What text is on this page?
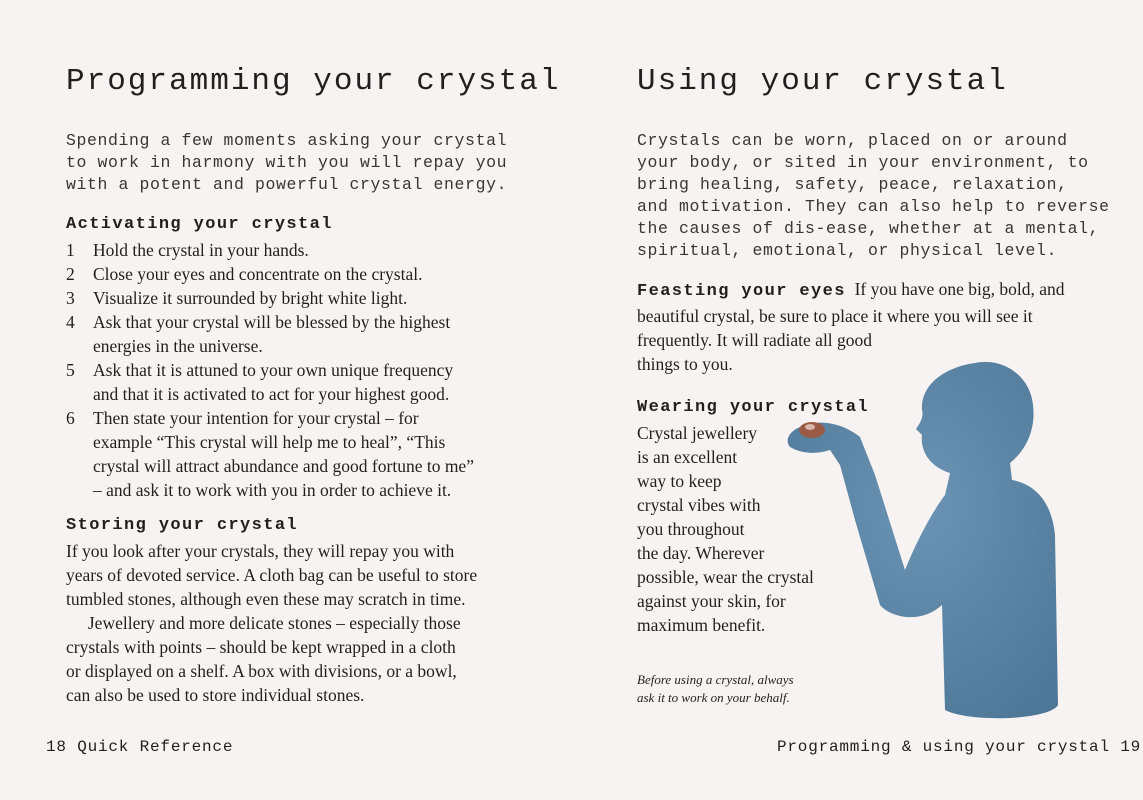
Programming your crystal
Spending a few moments asking your crystal
to work in harmony with you will repay you
with a potent and powerful crystal energy.
Activating your crystal
1 Hold the crystal in your hands.
2 Close your eyes and concentrate on the crystal.
3 Visualize it surrounded by bright white light.
4 Ask that your crystal will be blessed by the highest
energies in the universe.
5 Ask that it is attuned to your own unique frequency
and that it is activated to act for your highest good.
6 Then state your intention for your crystal – for
example “This crystal will help me to heal”, “This
crystal will attract abundance and good fortune to me”
– and ask it to work with you in order to achieve it.
Storing your crystal
If you look after your crystals, they will repay you with
years of devoted service. A cloth bag can be useful to store
tumbled stones, although even these may scratch in time.
Jewellery and more delicate stones – especially those
crystals with points – should be kept wrapped in a cloth
or displayed on a shelf. A box with divisions, or a bowl,
can also be used to store individual stones.
18 Quick Reference
Using your crystal
Crystals can be worn, placed on or around
your body, or sited in your environment, to
bring healing, safety, peace, relaxation,
and motivation. They can also help to reverse
the causes of dis-ease, whether at a mental,
spiritual, emotional, or physical level.
Feasting your eyes If you have one big, bold, and
beautiful crystal, be sure to place it where you will see it
frequently. It will radiate all good
things to you.
Wearing your crystal
Crystal jewellery
is an excellent
way to keep
crystal vibes with
you throughout
the day. Wherever
possible, wear the crystal
against your skin, for
maximum benefit.
Before using a crystal, always
ask it to work on your behalf.
Programming & using your crystal 19
